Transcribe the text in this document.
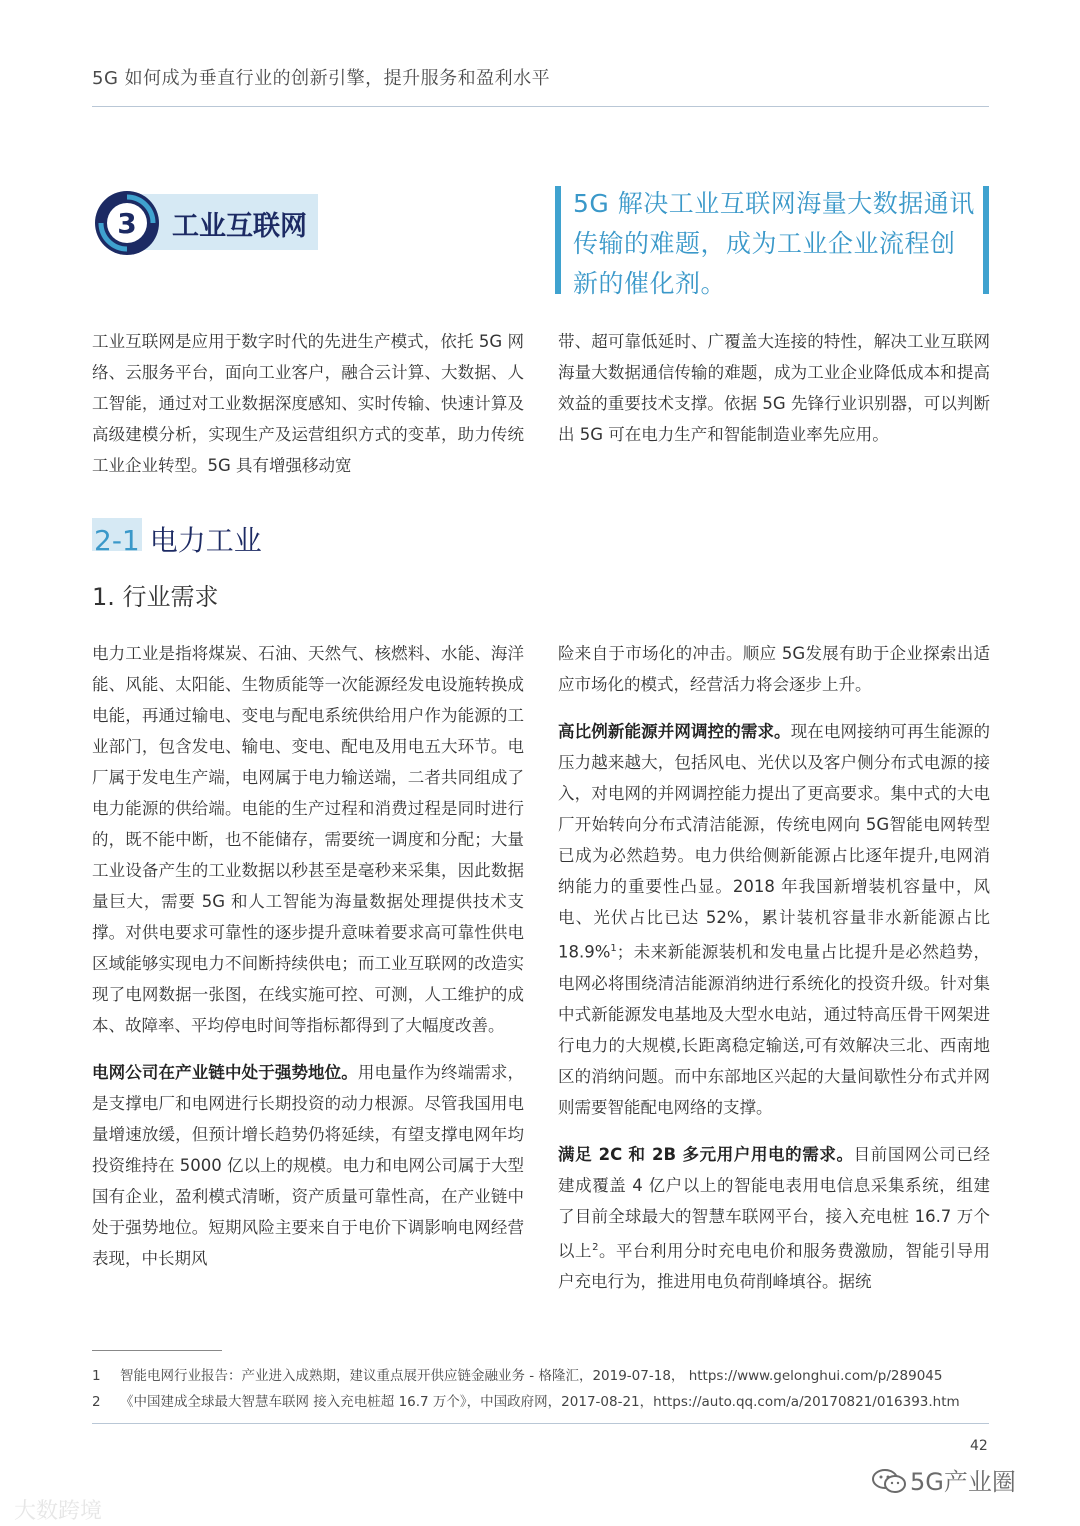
5G 如何成为垂直行业的创新引擎，提升服务和盈利水平
3 工业互联网
5G 解决工业互联网海量大数据通讯传输的难题，成为工业企业流程创新的催化剂。

工业互联网是应用于数字时代的先进生产模式，依托 5G 网络、云服务平台，面向工业客户，融合云计算、大数据、人工智能，通过对工业数据深度感知、实时传输、快速计算及高级建模分析，实现生产及运营组织方式的变革，助力传统工业企业转型。5G 具有增强移动宽

带、超可靠低延时、广覆盖大连接的特性，解决工业互联网海量大数据通信传输的难题，成为工业企业降低成本和提高效益的重要技术支撑。依据 5G 先锋行业识别器，可以判断出 5G 可在电力生产和智能制造业率先应用。

2-1 电力工业
1. 行业需求

电力工业是指将煤炭、石油、天然气、核燃料、水能、海洋能、风能、太阳能、生物质能等一次能源经发电设施转换成电能，再通过输电、变电与配电系统供给用户作为能源的工业部门，包含发电、输电、变电、配电及用电五大环节。电厂属于发电生产端，电网属于电力输送端，二者共同组成了电力能源的供给端。电能的生产过程和消费过程是同时进行的，既不能中断，也不能储存，需要统一调度和分配；大量工业设备产生的工业数据以秒甚至是毫秒来采集，因此数据量巨大，需要 5G 和人工智能为海量数据处理提供技术支撑。对供电要求可靠性的逐步提升意味着要求高可靠性供电区域能够实现电力不间断持续供电；而工业互联网的改造实现了电网数据一张图，在线实施可控、可测，人工维护的成本、故障率、平均停电时间等指标都得到了大幅度改善。

电网公司在产业链中处于强势地位。用电量作为终端需求，是支撑电厂和电网进行长期投资的动力根源。尽管我国用电量增速放缓，但预计增长趋势仍将延续，有望支撑电网年均投资维持在 5000 亿以上的规模。电力和电网公司属于大型国有企业，盈利模式清晰，资产质量可靠性高，在产业链中处于强势地位。短期风险主要来自于电价下调影响电网经营表现，中长期风

险来自于市场化的冲击。顺应 5G发展有助于企业探索出适应市场化的模式，经营活力将会逐步上升。

高比例新能源并网调控的需求。现在电网接纳可再生能源的压力越来越大，包括风电、光伏以及客户侧分布式电源的接入，对电网的并网调控能力提出了更高要求。集中式的大电厂开始转向分布式清洁能源，传统电网向 5G智能电网转型已成为必然趋势。电力供给侧新能源占比逐年提升,电网消纳能力的重要性凸显。2018 年我国新增装机容量中，风电、光伏占比已达 52%，累计装机容量非水新能源占比 18.9%$^1$；未来新能源装机和发电量占比提升是必然趋势，电网必将围绕清洁能源消纳进行系统化的投资升级。针对集中式新能源发电基地及大型水电站，通过特高压骨干网架进行电力的大规模,长距离稳定输送,可有效解决三北、西南地区的消纳问题。而中东部地区兴起的大量间歇性分布式并网则需要智能配电网络的支撑。

满足 2C 和 2B 多元用户用电的需求。目前国网公司已经建成覆盖 4 亿户以上的智能电表用电信息采集系统，组建了目前全球最大的智慧车联网平台，接入充电桩 16.7 万个以上$^2$。平台利用分时充电电价和服务费激励，智能引导用户充电行为，推进用电负荷削峰填谷。据统

1 智能电网行业报告：产业进入成熟期，建议重点展开供应链金融业务 - 格隆汇，2019-07-18， https://www.gelonghui.com/p/289045
2 《中国建成全球最大智慧车联网 接入充电桩超 16.7 万个》，中国政府网，2017-08-21，https://auto.qq.com/a/20170821/016393.htm
42
5G产业圈
大数跨境
